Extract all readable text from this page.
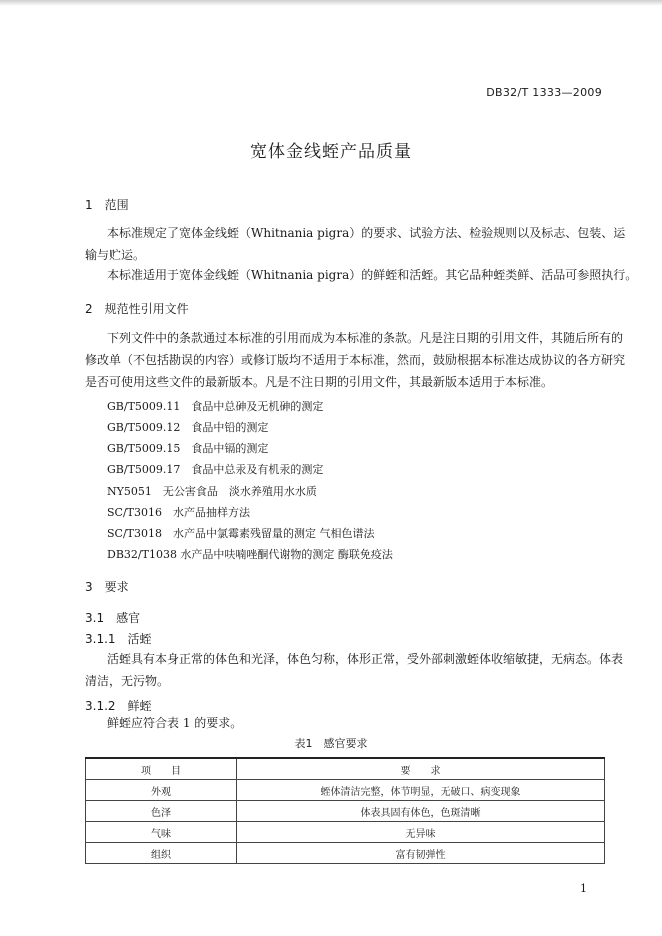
DB32/T 1333—2009
宽体金线蛭产品质量
1　范围
本标准规定了宽体金线蛭（Whitnania pigra）的要求、试验方法、检验规则以及标志、包装、运
输与贮运。
本标准适用于宽体金线蛭（Whitnania pigra）的鲜蛭和活蛭。其它品种蛭类鲜、活品可参照执行。
2　规范性引用文件
下列文件中的条款通过本标准的引用而成为本标准的条款。凡是注日期的引用文件，其随后所有的
修改单（不包括勘误的内容）或修订版均不适用于本标准，然而，鼓励根据本标准达成协议的各方研究
是否可使用这些文件的最新版本。凡是不注日期的引用文件，其最新版本适用于本标准。
GB/T5009.11　食品中总砷及无机砷的测定
GB/T5009.12　食品中铅的测定
GB/T5009.15　食品中镉的测定
GB/T5009.17　食品中总汞及有机汞的测定
NY5051　无公害食品　淡水养殖用水水质
SC/T3016　水产品抽样方法
SC/T3018　水产品中氯霉素残留量的测定 气相色谱法
DB32/T1038 水产品中呋喃唑酮代谢物的测定 酶联免疫法
3　要求
3.1　感官
3.1.1　活蛭
活蛭具有本身正常的体色和光泽，体色匀称，体形正常，受外部刺激蛭体收缩敏捷，无病态。体表
清洁，无污物。
3.1.2　鲜蛭
鲜蛭应符合表 1 的要求。
表1　感官要求
项　　目	要　　求
外观	蛭体清洁完整，体节明显，无破口、病变现象
色泽	体表具固有体色，色斑清晰
气味	无异味
组织	富有韧弹性
1
